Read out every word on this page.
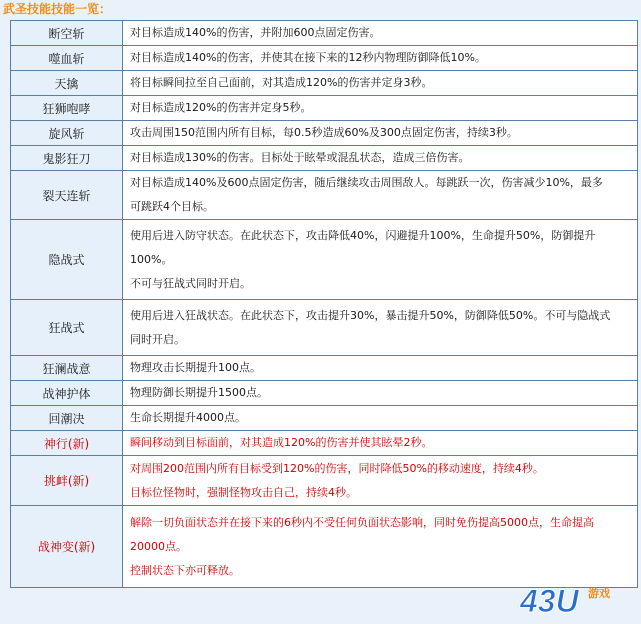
武圣技能技能一览：
断空斩	对目标造成140%的伤害，并附加600点固定伤害。

噬血斩	对目标造成140%的伤害，并使其在接下来的12秒内物理防御降低10%。

天擒	将目标瞬间拉至自己面前，对其造成120%的伤害并定身3秒。

狂狮咆哮	对目标造成120%的伤害并定身5秒。

旋风斩	攻击周围150范围内所有目标，每0.5秒造成60%及300点固定伤害，持续3秒。

鬼影狂刀	对目标造成130%的伤害。目标处于眩晕或混乱状态，造成三倍伤害。

裂天连斩	对目标造成140%及600点固定伤害，随后继续攻击周围敌人。每跳跃一次，伤害减少10%，最多
可跳跃4个目标。

隐战式	使用后进入防守状态。在此状态下，攻击降低40%，闪避提升100%，生命提升50%，防御提升
100%。
不可与狂战式同时开启。

狂战式	使用后进入狂战状态。在此状态下，攻击提升30%，暴击提升50%，防御降低50%。不可与隐战式
同时开启。

狂澜战意	物理攻击长期提升100点。

战神护体	物理防御长期提升1500点。

回潮决	生命长期提升4000点。

神行(新)	瞬间移动到目标面前，对其造成120%的伤害并使其眩晕2秒。

挑衅(新)	对周围200范围内所有目标受到120%的伤害，同时降低50%的移动速度，持续4秒。
目标位怪物时，强制怪物攻击自己，持续4秒。

战神变(新)	解除一切负面状态并在接下来的6秒内不受任何负面状态影响，同时免伤提高5000点，生命提高
20000点。
控制状态下亦可释放。
43U 游戏
